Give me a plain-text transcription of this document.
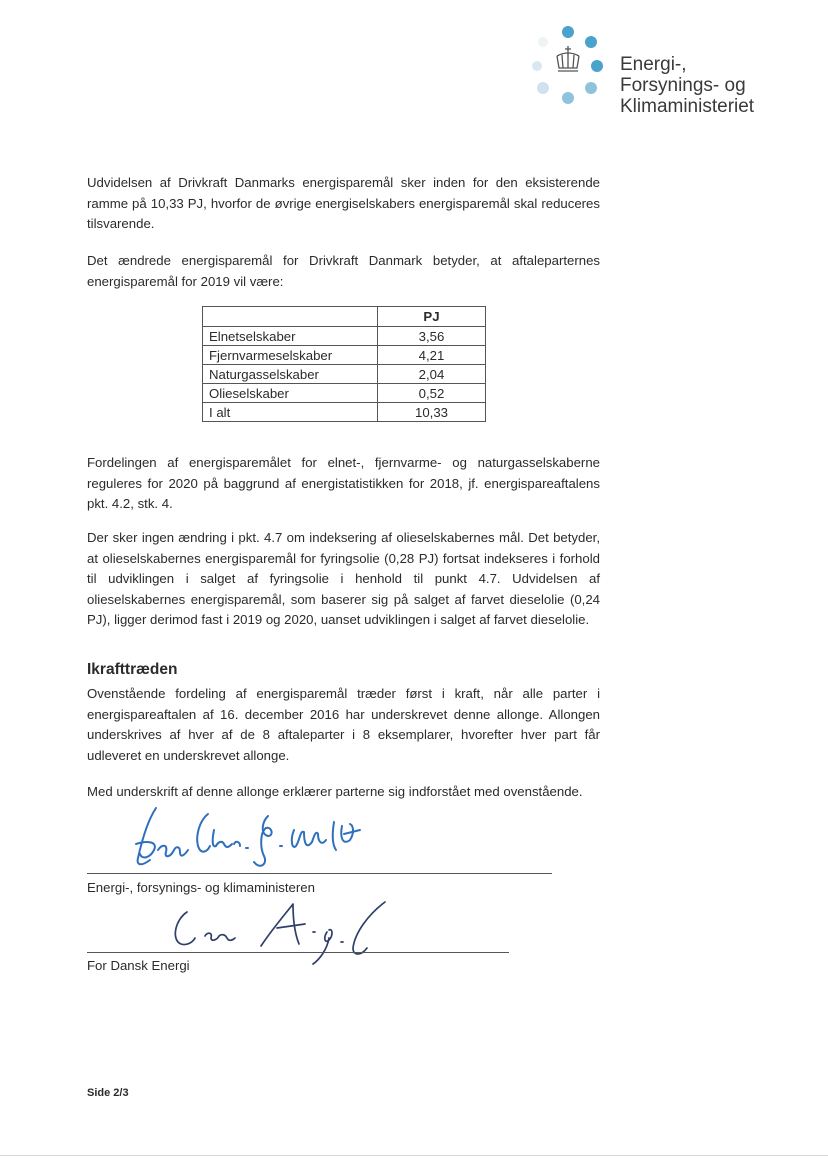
Energi-,
Forsynings- og
Klimaministeriet
Udvidelsen af Drivkraft Danmarks energisparemål sker inden for den eksisterende ramme på 10,33 PJ, hvorfor de øvrige energiselskabers energisparemål skal reduceres tilsvarende.
Det ændrede energisparemål for Drivkraft Danmark betyder, at aftaleparternes energisparemål for 2019 vil være:
	PJ
Elnetselskaber	3,56
Fjernvarmeselskaber	4,21
Naturgasselskaber	2,04
Olieselskaber	0,52
I alt	10,33
Fordelingen af energisparemålet for elnet-, fjernvarme- og naturgasselskaberne reguleres for 2020 på baggrund af energistatistikken for 2018, jf. energispareaftalens pkt. 4.2, stk. 4.
Der sker ingen ændring i pkt. 4.7 om indeksering af olieselskabernes mål. Det betyder, at olieselskabernes energisparemål for fyringsolie (0,28 PJ) fortsat indekseres i forhold til udviklingen i salget af fyringsolie i henhold til punkt 4.7. Udvidelsen af olieselskabernes energisparemål, som baserer sig på salget af farvet dieselolie (0,24 PJ), ligger derimod fast i 2019 og 2020, uanset udviklingen i salget af farvet dieselolie.
Ikrafttræden
Ovenstående fordeling af energisparemål træder først i kraft, når alle parter i energispareaftalen af 16. december 2016 har underskrevet denne allonge. Allongen underskrives af hver af de 8 aftaleparter i 8 eksemplarer, hvorefter hver part får udleveret en underskrevet allonge.
Med underskrift af denne allonge erklærer parterne sig indforstået med ovenstående.
Energi-, forsynings- og klimaministeren
For Dansk Energi
Side 2/3
